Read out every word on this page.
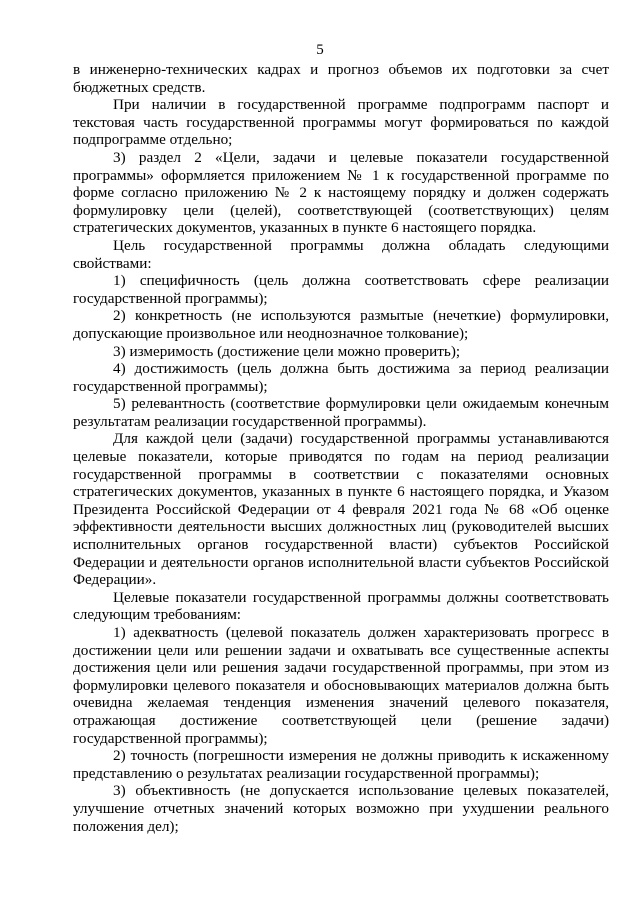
5

в инженерно-технических кадрах и прогноз объемов их подготовки за счет бюджетных средств.

При наличии в государственной программе подпрограмм паспорт и текстовая часть государственной программы могут формироваться по каждой подпрограмме отдельно;

3) раздел 2 «Цели, задачи и целевые показатели государственной программы» оформляется приложением № 1 к государственной программе по форме согласно приложению № 2 к настоящему порядку и должен содержать формулировку цели (целей), соответствующей (соответствующих) целям стратегических документов, указанных в пункте 6 настоящего порядка.

Цель государственной программы должна обладать следующими свойствами:

1) специфичность (цель должна соответствовать сфере реализации государственной программы);

2) конкретность (не используются размытые (нечеткие) формулировки, допускающие произвольное или неоднозначное толкование);

3) измеримость (достижение цели можно проверить);

4) достижимость (цель должна быть достижима за период реализации государственной программы);

5) релевантность (соответствие формулировки цели ожидаемым конечным результатам реализации государственной программы).

Для каждой цели (задачи) государственной программы устанавливаются целевые показатели, которые приводятся по годам на период реализации государственной программы в соответствии с показателями основных стратегических документов, указанных в пункте 6 настоящего порядка, и Указом Президента Российской Федерации от 4 февраля 2021 года № 68 «Об оценке эффективности деятельности высших должностных лиц (руководителей высших исполнительных органов государственной власти) субъектов Российской Федерации и деятельности органов исполнительной власти субъектов Российской Федерации».

Целевые показатели государственной программы должны соответствовать следующим требованиям:

1) адекватность (целевой показатель должен характеризовать прогресс в достижении цели или решении задачи и охватывать все существенные аспекты достижения цели или решения задачи государственной программы, при этом из формулировки целевого показателя и обосновывающих материалов должна быть очевидна желаемая тенденция изменения значений целевого показателя, отражающая достижение соответствующей цели (решение задачи) государственной программы);

2) точность (погрешности измерения не должны приводить к искаженному представлению о результатах реализации государственной программы);

3) объективность (не допускается использование целевых показателей, улучшение отчетных значений которых возможно при ухудшении реального положения дел);
